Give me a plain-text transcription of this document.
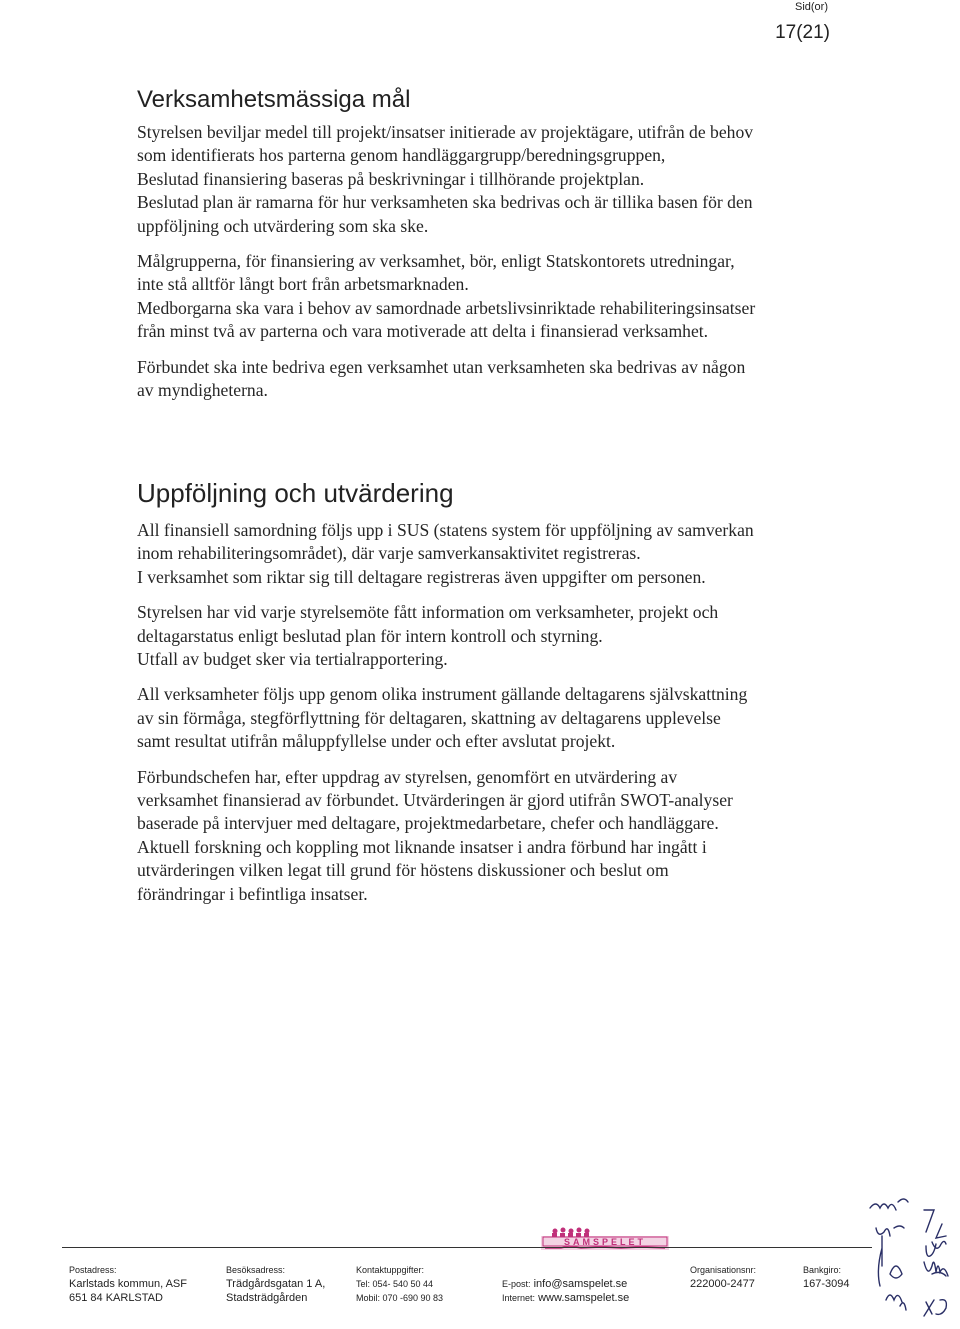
Sid(or)
17(21)
Verksamhetsmässiga mål

Styrelsen beviljar medel till projekt/insatser initierade av projektägare, utifrån de behov
som identifierats hos parterna genom handläggargrupp/beredningsgruppen,
Beslutad finansiering baseras på beskrivningar i tillhörande projektplan.
Beslutad plan är ramarna för hur verksamheten ska bedrivas och är tillika basen för den
uppföljning och utvärdering som ska ske.

Målgrupperna, för finansiering av verksamhet, bör, enligt Statskontorets utredningar,
inte stå alltför långt bort från arbetsmarknaden.
Medborgarna ska vara i behov av samordnade arbetslivsinriktade rehabiliteringsinsatser
från minst två av parterna och vara motiverade att delta i finansierad verksamhet.

Förbundet ska inte bedriva egen verksamhet utan verksamheten ska bedrivas av någon
av myndigheterna.

Uppföljning och utvärdering

All finansiell samordning följs upp i SUS (statens system för uppföljning av samverkan
inom rehabiliteringsområdet), där varje samverkansaktivitet registreras.
I verksamhet som riktar sig till deltagare registreras även uppgifter om personen.

Styrelsen har vid varje styrelsemöte fått information om verksamheter, projekt och
deltagarstatus enligt beslutad plan för intern kontroll och styrning.
Utfall av budget sker via tertialrapportering.

All verksamheter följs upp genom olika instrument gällande deltagarens självskattning
av sin förmåga, stegförflyttning för deltagaren, skattning av deltagarens upplevelse
samt resultat utifrån måluppfyllelse under och efter avslutat projekt.

Förbundschefen har, efter uppdrag av styrelsen, genomfört en utvärdering av
verksamhet finansierad av förbundet. Utvärderingen är gjord utifrån SWOT-analyser
baserade på intervjuer med deltagare, projektmedarbetare, chefer och handläggare.
Aktuell forskning och koppling mot liknande insatser i andra förbund har ingått i
utvärderingen vilken legat till grund för höstens diskussioner och beslut om
förändringar i befintliga insatser.

SAMSPELET
Postadress:
Karlstads kommun, ASF
651 84 KARLSTAD
Besöksadress:
Trädgårdsgatan 1 A,
Stadsträdgården
Kontaktuppgifter:
Tel: 054- 540 50 44
Mobil: 070 -690 90 83
E-post: info@samspelet.se
Internet: www.samspelet.se
Organisationsnr:
222000-2477
Bankgiro:
167-3094
